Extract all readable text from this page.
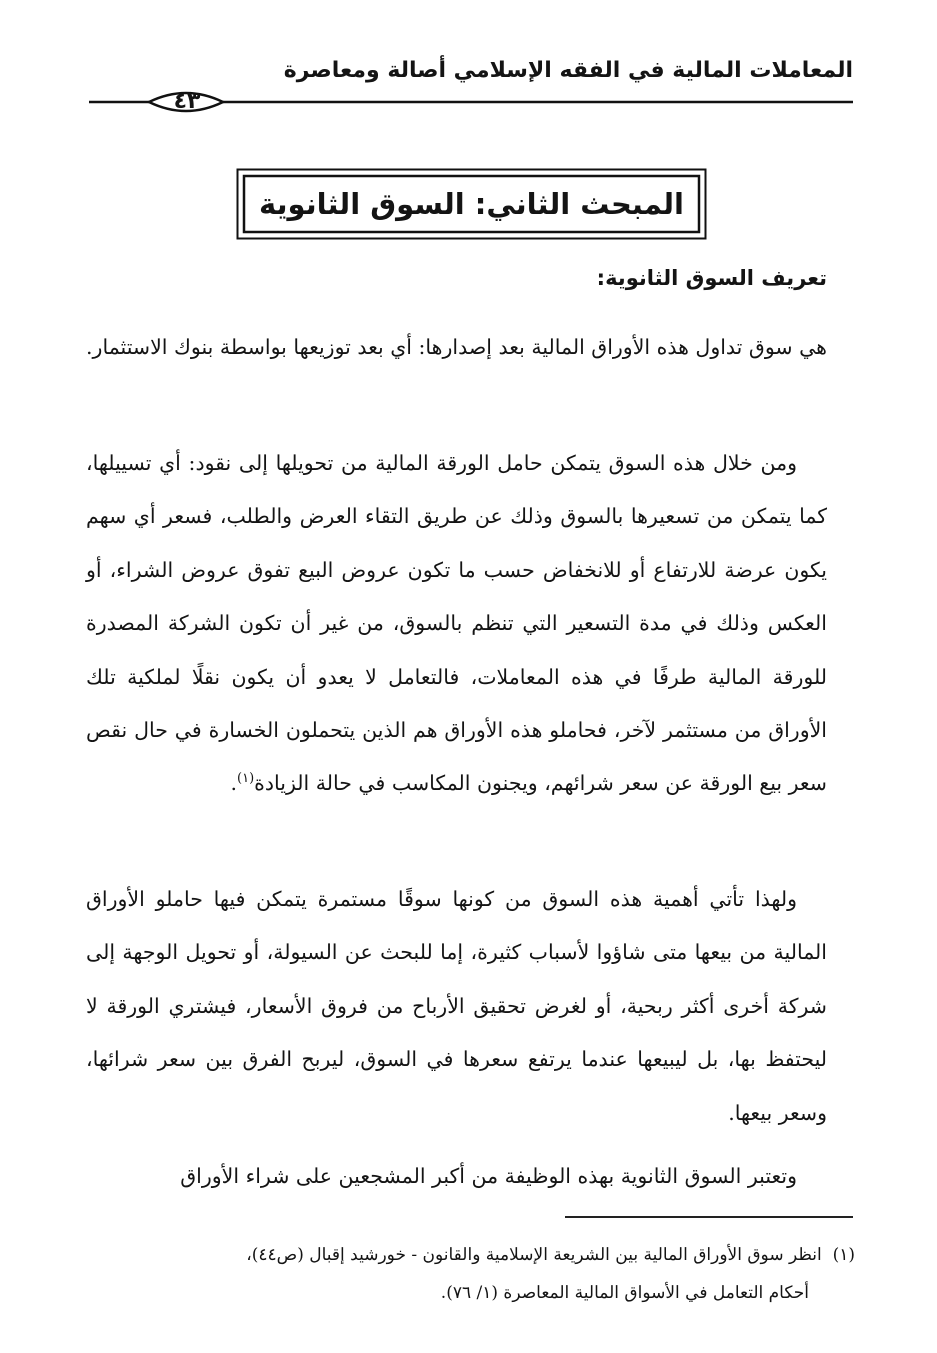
المعاملات المالية في الفقه الإسلامي أصالة ومعاصرة
٤٣
المبحث الثاني: السوق الثانوية
تعريف السوق الثانوية:

هي سوق تداول هذه الأوراق المالية بعد إصدارها: أي بعد توزيعها بواسطة بنوك الاستثمار.

ومن خلال هذه السوق يتمكن حامل الورقة المالية من تحويلها إلى نقود: أي تسييلها، كما يتمكن من تسعيرها بالسوق وذلك عن طريق التقاء العرض والطلب، فسعر أي سهم يكون عرضة للارتفاع أو للانخفاض حسب ما تكون عروض البيع تفوق عروض الشراء، أو العكس وذلك في مدة التسعير التي تنظم بالسوق، من غير أن تكون الشركة المصدرة للورقة المالية طرفًا في هذه المعاملات، فالتعامل لا يعدو أن يكون نقلًا لملكية تلك الأوراق من مستثمر لآخر، فحاملو هذه الأوراق هم الذين يتحملون الخسارة في حال نقص سعر بيع الورقة عن سعر شرائهم، ويجنون المكاسب في حالة الزيادة$^{(١)}$.

ولهذا تأتي أهمية هذه السوق من كونها سوقًا مستمرة يتمكن فيها حاملو الأوراق المالية من بيعها متى شاؤوا لأسباب كثيرة، إما للبحث عن السيولة، أو تحويل الوجهة إلى شركة أخرى أكثر ربحية، أو لغرض تحقيق الأرباح من فروق الأسعار، فيشتري الورقة لا ليحتفظ بها، بل ليبيعها عندما يرتفع سعرها في السوق، ليربح الفرق بين سعر شرائها، وسعر بيعها.

وتعتبر السوق الثانوية بهذه الوظيفة من أكبر المشجعين على شراء الأوراق

(١)  انظر سوق الأوراق المالية بين الشريعة الإسلامية والقانون - خورشيد إقبال (ص٤٤)،

أحكام التعامل في الأسواق المالية المعاصرة (١/ ٧٦).
